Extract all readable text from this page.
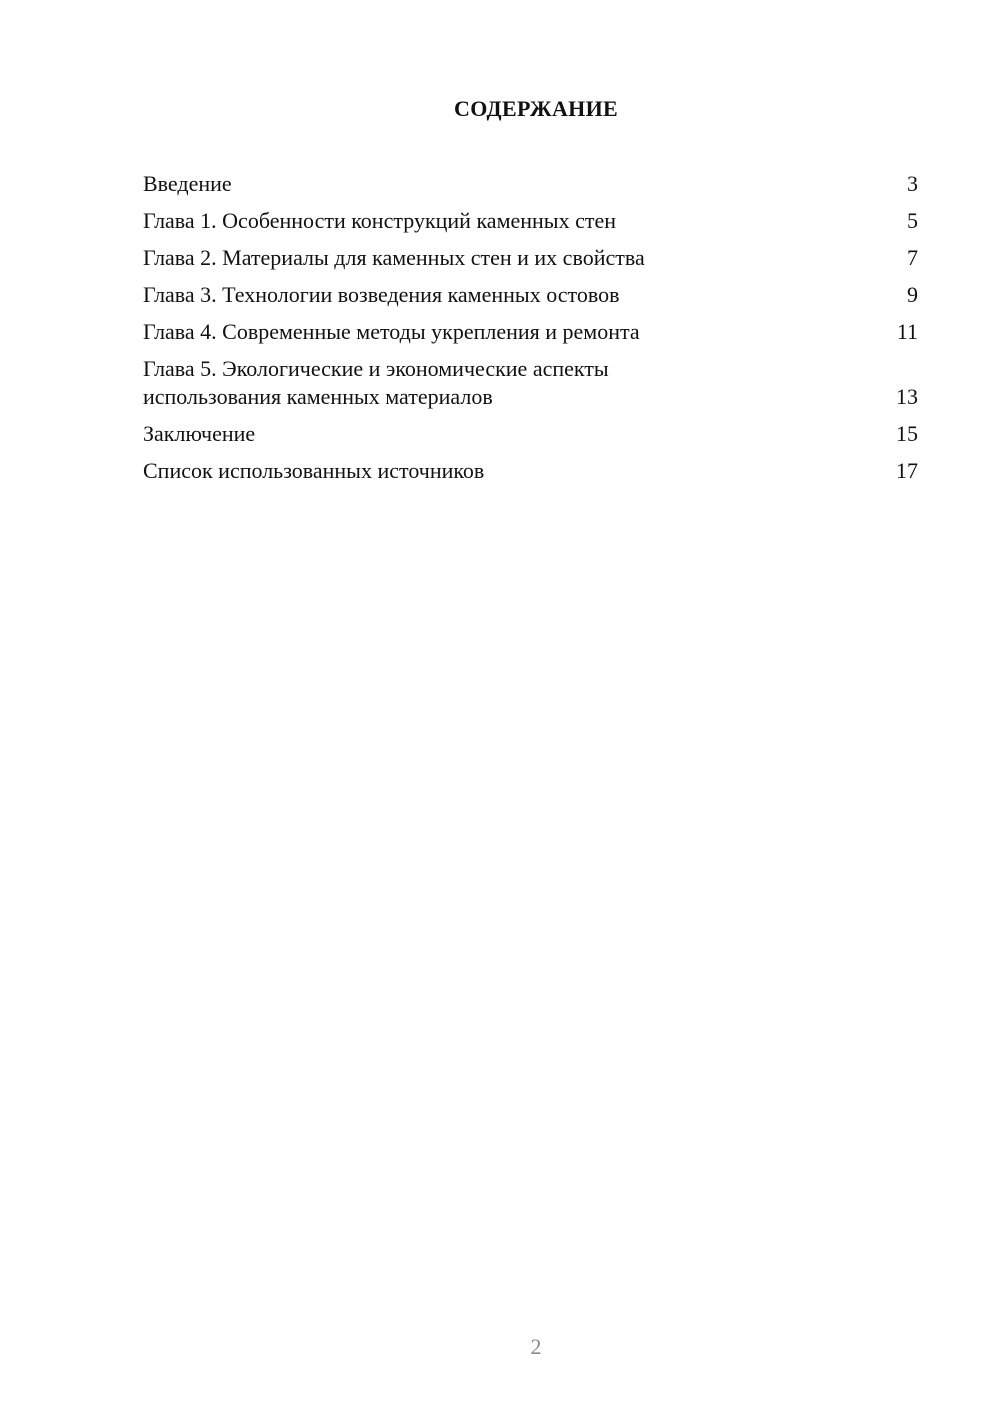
СОДЕРЖАНИЕ
Введение	3
Глава 1. Особенности конструкций каменных стен	5
Глава 2. Материалы для каменных стен и их свойства	7
Глава 3. Технологии возведения каменных остовов	9
Глава 4. Современные методы укрепления и ремонта	11
Глава 5. Экологические и экономические аспекты
использования каменных материалов	13
Заключение	15
Список использованных источников	17
2
